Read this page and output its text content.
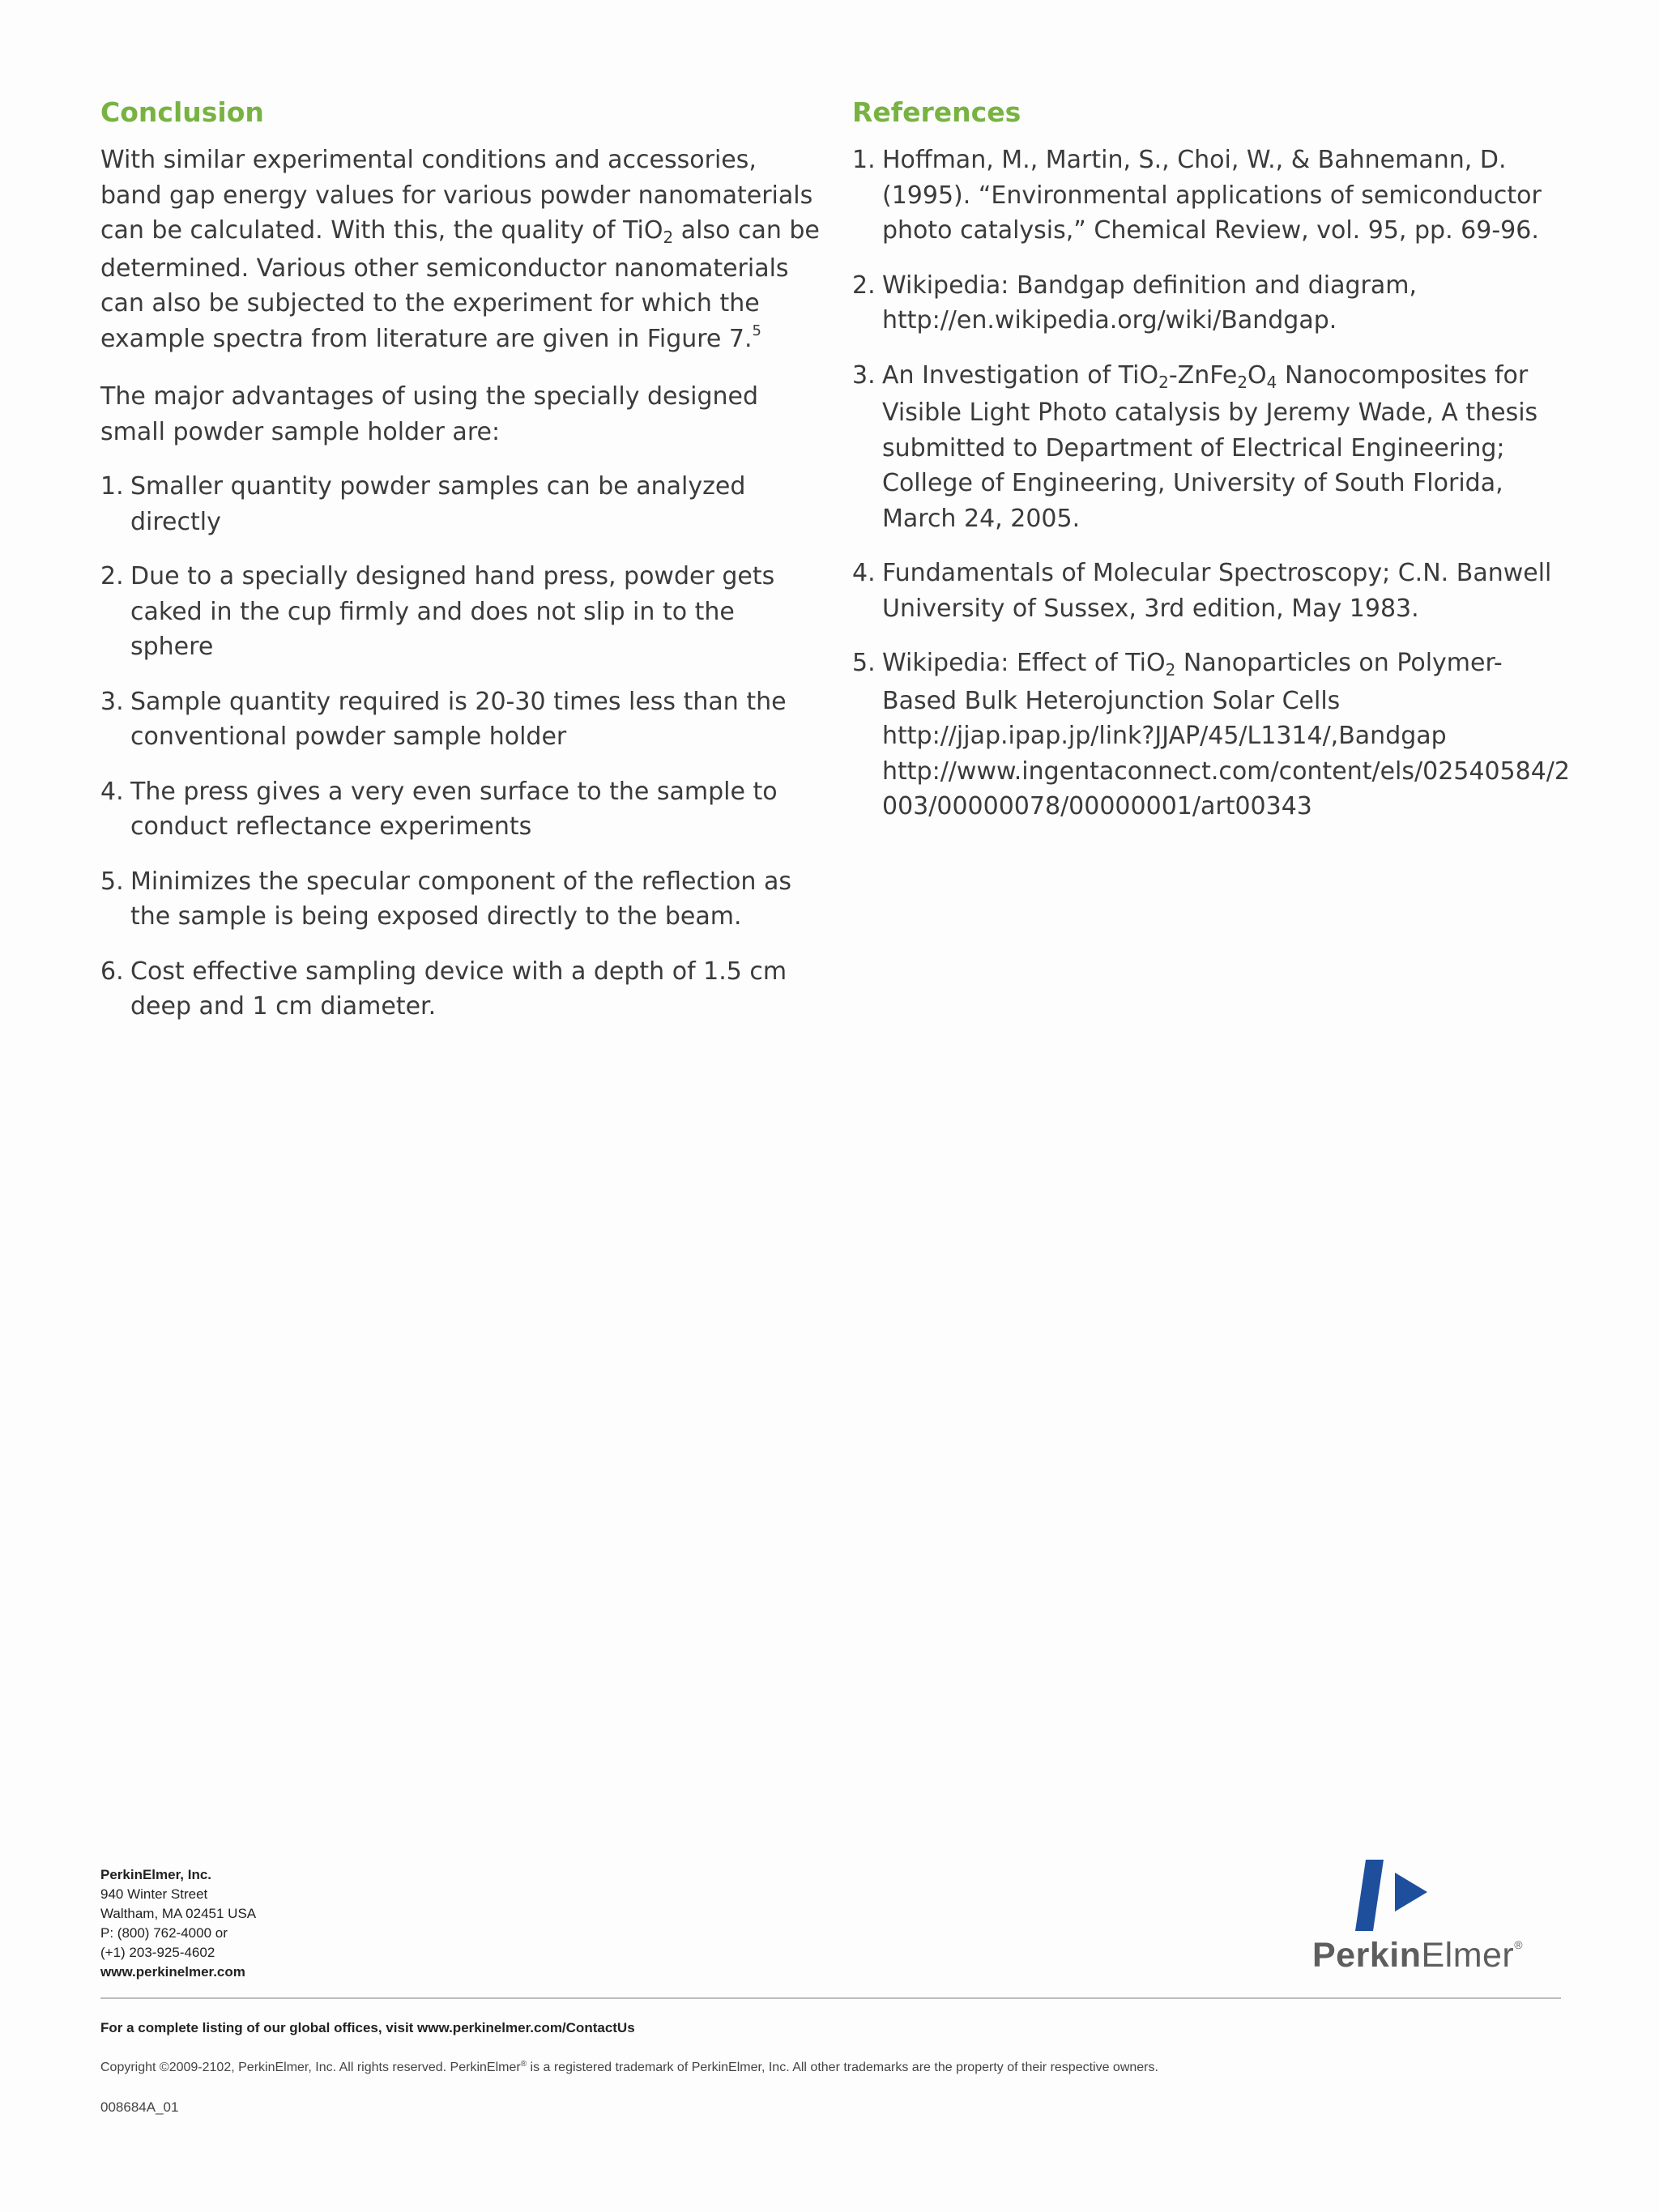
Conclusion

With similar experimental conditions and accessories, band gap energy values for various powder nanomaterials can be calculated. With this, the quality of TiO$_2$ also can be determined. Various other semiconductor nanomaterials can also be subjected to the experiment for which the example spectra from literature are given in Figure 7.$^5$

The major advantages of using the specially designed small powder sample holder are:

1. Smaller quantity powder samples can be analyzed directly
2. Due to a specially designed hand press, powder gets caked in the cup firmly and does not slip in to the sphere
3. Sample quantity required is 20-30 times less than the conventional powder sample holder
4. The press gives a very even surface to the sample to conduct reflectance experiments
5. Minimizes the specular component of the reflection as the sample is being exposed directly to the beam.
6. Cost effective sampling device with a depth of 1.5 cm deep and 1 cm diameter.
References
1. Hoffman, M., Martin, S., Choi, W., & Bahnemann, D. (1995). “Environmental applications of semiconductor photo catalysis,” Chemical Review, vol. 95, pp. 69-96.
2. Wikipedia: Bandgap definition and diagram,
http://en.wikipedia.org/wiki/Bandgap.
3. An Investigation of $TiO_2-ZnFe_2O_4$ Nanocomposites for Visible Light Photo catalysis by Jeremy Wade, A thesis submitted to Department of Electrical Engineering; College of Engineering, University of South Florida, March 24, 2005.
4. Fundamentals of Molecular Spectroscopy; C.N. Banwell
University of Sussex, 3rd edition, May 1983.
5. Wikipedia: Effect of TiO$_2$ Nanoparticles on Polymer-Based Bulk Heterojunction Solar Cells
http://jjap.ipap.jp/link?JJAP/45/L1314/,Bandgap
http://www.ingentaconnect.com/content/els/02540584/2003/00000078/00000001/art00343
PerkinElmer, Inc.
940 Winter Street
Waltham, MA 02451 USA
P: (800) 762-4000 or
(+1) 203-925-4602
www.perkinelmer.com	PerkinElmer®
For a complete listing of our global offices, visit www.perkinelmer.com/ContactUs
Copyright ©2009-2102, PerkinElmer, Inc. All rights reserved. PerkinElmer® is a registered trademark of PerkinElmer, Inc. All other trademarks are the property of their respective owners.
008684A_01
